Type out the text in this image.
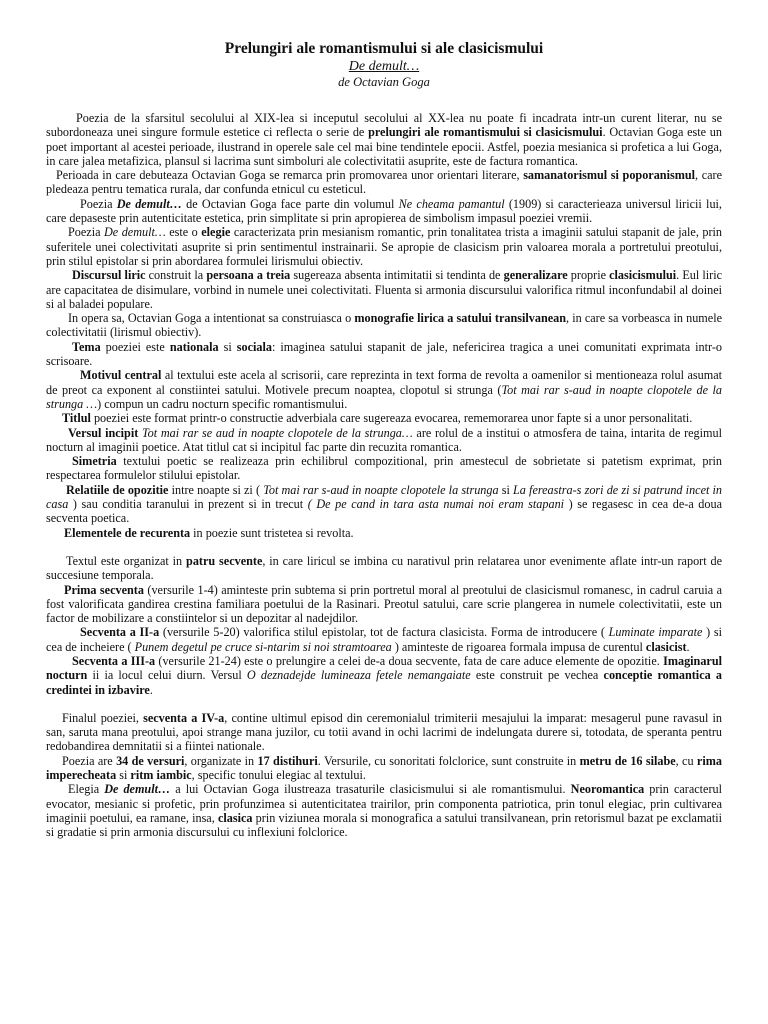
Prelungiri ale romantismului si ale clasicismului
De demult…
de Octavian Goga

Poezia de la sfarsitul secolului al XIX-lea si inceputul secolului al XX-lea nu poate fi incadrata intr-un curent literar, nu se subordoneaza unei singure formule estetice ci reflecta o serie de prelungiri ale romantismului si clasicismului. Octavian Goga este un poet important al acestei perioade, ilustrand in operele sale cel mai bine tendintele epocii. Astfel, poezia mesianica si profetica a lui Goga, in care jalea metafizica, plansul si lacrima sunt simboluri ale colectivitatii asuprite, este de factura romantica.

Perioada in care debuteaza Octavian Goga se remarca prin promovarea unor orientari literare, samanatorismul si poporanismul, care pledeaza pentru tematica rurala, dar confunda etnicul cu esteticul.

Poezia De demult… de Octavian Goga face parte din volumul Ne cheama pamantul (1909) si caracterieaza universul liricii lui, care depaseste prin autenticitate estetica, prin simplitate si prin apropierea de simbolism impasul poeziei vremii.

Poezia De demult… este o elegie caracterizata prin mesianism romantic, prin tonalitatea trista a imaginii satului stapanit de jale, prin suferitele unei colectivitati asuprite si prin sentimentul instrainarii. Se apropie de clasicism prin valoarea morala a portretului preotului, prin stilul epistolar si prin abordarea formulei lirismului obiectiv.

Discursul liric construit la persoana a treia sugereaza absenta intimitatii si tendinta de generalizare proprie clasicismului. Eul liric are capacitatea de disimulare, vorbind in numele unei colectivitati. Fluenta si armonia discursului valorifica ritmul inconfundabil al doinei si al baladei populare.

In opera sa, Octavian Goga a intentionat sa construiasca o monografie lirica a satului transilvanean, in care sa vorbeasca in numele colectivitatii (lirismul obiectiv).

Tema poeziei este nationala si sociala: imaginea satului stapanit de jale, nefericirea tragica a unei comunitati exprimata intr-o scrisoare.

Motivul central al textului este acela al scrisorii, care reprezinta in text forma de revolta a oamenilor si mentioneaza rolul asumat de preot ca exponent al constiintei satului. Motivele precum noaptea, clopotul si strunga (Tot mai rar s-aud in noapte clopotele de la strunga …) compun un cadru nocturn specific romantismului.

Titlul poeziei este format printr-o constructie adverbiala care sugereaza evocarea, rememorarea unor fapte si a unor personalitati.

Versul incipit Tot mai rar se aud in noapte clopotele de la strunga… are rolul de a institui o atmosfera de taina, intarita de regimul nocturn al imaginii poetice. Atat titlul cat si incipitul fac parte din recuzita romantica.

Simetria textului poetic se realizeaza prin echilibrul compozitional, prin amestecul de sobrietate si patetism exprimat, prin respectarea formulelor stilului epistolar.

Relatiile de opozitie intre noapte si zi ( Tot mai rar s-aud in noapte clopotele la strunga si La fereastra-s zori de zi si patrund incet in casa ) sau conditia taranului in prezent si in trecut ( De pe cand in tara asta numai noi eram stapani ) se regasesc in cea de-a doua secventa poetica.

Elementele de recurenta in poezie sunt tristetea si revolta.

Textul este organizat in patru secvente, in care liricul se imbina cu narativul prin relatarea unor evenimente aflate intr-un raport de succesiune temporala.

Prima secventa (versurile 1-4) aminteste prin subtema si prin portretul moral al preotului de clasicismul romanesc, in cadrul caruia a fost valorificata gandirea crestina familiara poetului de la Rasinari. Preotul satului, care scrie plangerea in numele colectivitatii, este un factor de mobilizare a constiintelor si un depozitar al nadejdilor.

Secventa a II-a (versurile 5-20) valorifica stilul epistolar, tot de factura clasicista. Forma de introducere ( Luminate imparate ) si cea de incheiere ( Punem degetul pe cruce si-ntarim si noi stramtoarea ) aminteste de rigoarea formala impusa de curentul clasicist.

Secventa a III-a (versurile 21-24) este o prelungire a celei de-a doua secvente, fata de care aduce elemente de opozitie. Imaginarul nocturn ii ia locul celui diurn. Versul O deznadejde lumineaza fetele nemangaiate este construit pe vechea conceptie romantica a credintei in izbavire.

Finalul poeziei, secventa a IV-a, contine ultimul episod din ceremonialul trimiterii mesajului la imparat: mesagerul pune ravasul in san, saruta mana preotului, apoi strange mana juzilor, cu totii avand in ochi lacrimi de indelungata durere si, totodata, de speranta pentru redobandirea demnitatii si a fiintei nationale.

Poezia are 34 de versuri, organizate in 17 distihuri. Versurile, cu sonoritati folclorice, sunt construite in metru de 16 silabe, cu rima imperecheata si ritm iambic, specific tonului elegiac al textului.

Elegia De demult… a lui Octavian Goga ilustreaza trasaturile clasicismului si ale romantismului. Neoromantica prin caracterul evocator, mesianic si profetic, prin profunzimea si autenticitatea trairilor, prin componenta patriotica, prin tonul elegiac, prin cultivarea imaginii poetului, ea ramane, insa, clasica prin viziunea morala si monografica a satului transilvanean, prin retorismul bazat pe exclamatii si gradatie si prin armonia discursului cu inflexiuni folclorice.
